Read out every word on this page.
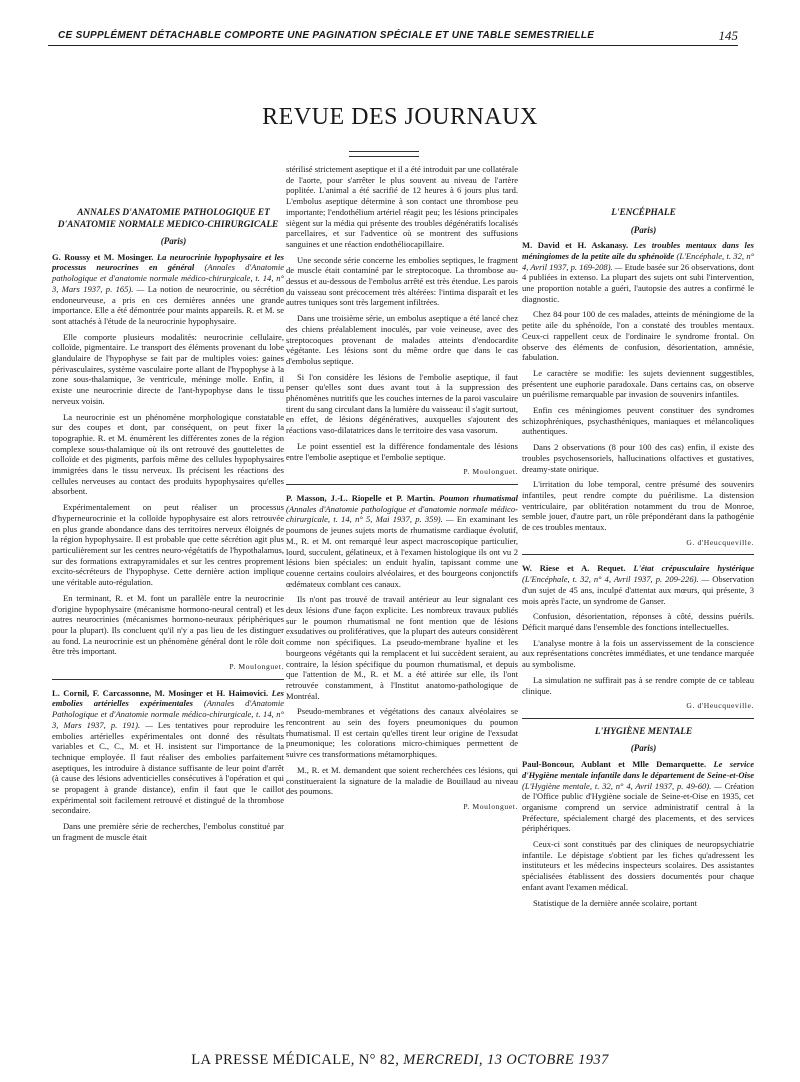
CE SUPPLÉMENT DÉTACHABLE COMPORTE UNE PAGINATION SPÉCIALE ET UNE TABLE SEMESTRIELLE	145
REVUE DES JOURNAUX

ANNALES D'ANATOMIE PATHOLOGIQUE ET D'ANATOMIE NORMALE MEDICO-CHIRURGICALE

(Paris)

G. Roussy et M. Mosinger. La neurocrinie hypophysaire et les processus neurocrines en général (Annales d'Anatomie pathologique et d'anatomie normale médico-chirurgicale, t. 14, n° 3, Mars 1937, p. 165). — La notion de neurocrinie, ou sécrétion endoneurveuse, a pris en ces dernières années une grande importance. Elle a été démontrée pour maints appareils. R. et M. se sont attachés à l'étude de la neurocrinie hypophysaire.

Elle comporte plusieurs modalités: neurocrinie cellulaire, colloïde, pigmentaire. Le transport des éléments provenant du lobe glandulaire de l'hypophyse se fait par de multiples voies: gaines périvasculaires, système vasculaire porte allant de l'hypophyse à la zone sous-thalamique, 3e ventricule, méninge molle. Enfin, il existe une neurocrinie directe de l'ant-hypophyse dans le tissu nerveux voisin.

La neurocrinie est un phénomène morphologique constatable sur des coupes et dont, par conséquent, on peut fixer la topographie. R. et M. énumèrent les différentes zones de la région complexe sous-thalamique où ils ont retrouvé des gouttelettes de colloïde et des pigments, parfois même des cellules hypophysaires immigrées dans le tissu nerveux. Ils précisent les réactions des cellules nerveuses au contact des produits hypophysaires qu'elles absorbent.

Expérimentalement on peut réaliser un processus d'hyperneurocrinie et la colloïde hypophysaire est alors retrouvée en plus grande abondance dans des territoires nerveux éloignés de la région hypophysaire. Il est probable que cette sécrétion agit plus particulièrement sur les centres neuro-végétatifs de l'hypothalamus, sur des formations extrapyramidales et sur les centres proprement excito-sécréteurs de l'hypophyse. Cette dernière action implique une véritable auto-régulation.

En terminant, R. et M. font un parallèle entre la neurocrinie d'origine hypophysaire (mécanisme hormono-neural central) et les autres neurocrinies (mécanismes hormono-neuraux périphériques pour la plupart). Ils concluent qu'il n'y a pas lieu de les distinguer au fond. La neurocrinie est un phénomène général dont le rôle doit être très important.

P. Moulonguet.

L. Cornil, F. Carcassonne, M. Mosinger et H. Haimovici. Les embolies artérielles expérimentales (Annales d'Anatomie Pathologique et d'Anatomie normale médico-chirurgicale, t. 14, n° 3, Mars 1937, p. 191). — Les tentatives pour reproduire les embolies artérielles expérimentales ont donné des résultats variables et C., C., M. et H. insistent sur l'importance de la technique employée. Il faut réaliser des embolies parfaitement aseptiques, les introduire à distance suffisante de leur point d'arrêt (à cause des lésions adventicielles consécutives à l'opération et qui se propagent à grande distance), enfin il faut que le caillot expérimental soit facilement retrouvé et distingué de la thrombose secondaire.

Dans une première série de recherches, l'embolus constitué par un fragment de muscle était

stérilisé strictement aseptique et il a été introduit par une collatérale de l'aorte, pour s'arrêter le plus souvent au niveau de l'artère poplitée. L'animal a été sacrifié de 12 heures à 6 jours plus tard. L'embolus aseptique détermine à son contact une thrombose peu importante; l'endothélium artériel réagit peu; les lésions principales siègent sur la média qui présente des troubles dégénératifs localisés parcellaires, et sur l'adventice où se montrent des suffusions sanguines et une réaction endothéliocapillaire.

Une seconde série concerne les embolies septiques, le fragment de muscle était contaminé par le streptocoque. La thrombose au-dessus et au-dessous de l'embolus arrêté est très étendue. Les parois du vaisseau sont précocement très altérées: l'intima disparaît et les autres tuniques sont très largement infiltrées.

Dans une troisième série, un embolus aseptique a été lancé chez des chiens préalablement inoculés, par voie veineuse, avec des streptocoques provenant de malades atteints d'endocardite végétante. Les lésions sont du même ordre que dans le cas d'embolus septique.

Si l'on considère les lésions de l'embolie aseptique, il faut penser qu'elles sont dues avant tout à la suppression des phénomènes nutritifs que les couches internes de la paroi vasculaire tirent du sang circulant dans la lumière du vaisseau: il s'agit surtout, en effet, de lésions dégénératives, auxquelles s'ajoutent des réactions vaso-dilatatrices dans le territoire des vasa vasorum.

Le point essentiel est la différence fondamentale des lésions entre l'embolie aseptique et l'embolie septique.

P. Moulonguet.

P. Masson, J.-L. Riopelle et P. Martin. Poumon rhumatismal (Annales d'Anatomie pathologique et d'anatomie normale médico-chirurgicale, t. 14, n° 5, Mai 1937, p. 359). — En examinant les poumons de jeunes sujets morts de rhumatisme cardiaque évolutif, M., R. et M. ont remarqué leur aspect macroscopique particulier, lourd, succulent, gélatineux, et à l'examen histologique ils ont vu 2 lésions bien spéciales: un enduit hyalin, tapissant comme une couenne certains couloirs alvéolaires, et des bourgeons conjonctifs œdémateux comblant ces canaux.

Ils n'ont pas trouvé de travail antérieur au leur signalant ces deux lésions d'une façon explicite. Les nombreux travaux publiés sur le poumon rhumatismal ne font mention que de lésions exsudatives ou prolifératives, que la plupart des auteurs considèrent comme non spécifiques. La pseudo-membrane hyaline et les bourgeons végétants qui la remplacent et lui succèdent seraient, au contraire, la lésion spécifique du poumon rhumatismal, et depuis que l'attention de M., R. et M. a été attirée sur elle, ils l'ont retrouvée constamment, à l'Institut anatomo-pathologique de Montréal.

Pseudo-membranes et végétations des canaux alvéolaires se rencontrent au sein des foyers pneumoniques du poumon rhumatismal. Il est certain qu'elles tirent leur origine de l'exsudat pneumonique; les colorations micro-chimiques permettent de suivre ces transformations métamorphiques.

M., R. et M. demandent que soient recherchées ces lésions, qui constitueraient la signature de la maladie de Bouillaud au niveau des poumons.

P. Moulonguet.

L'ENCÉPHALE

(Paris)

M. David et H. Askanasy. Les troubles mentaux dans les méningiomes de la petite aile du sphénoïde (L'Encéphale, t. 32, n° 4, Avril 1937, p. 169-208). — Etude basée sur 26 observations, dont 4 publiées in extenso. La plupart des sujets ont subi l'intervention, une proportion notable a guéri, l'autopsie des autres a confirmé le diagnostic.

Chez 84 pour 100 de ces malades, atteints de méningiome de la petite aile du sphénoïde, l'on a constaté des troubles mentaux. Ceux-ci rappellent ceux de l'ordinaire le syndrome frontal. On observe des éléments de confusion, désorientation, amnésie, fabulation.

Le caractère se modifie: les sujets deviennent suggestibles, présentent une euphorie paradoxale. Dans certains cas, on observe un puérilisme remarquable par invasion de souvenirs infantiles.

Enfin ces méningiomes peuvent constituer des syndromes schizophréniques, psychasthéniques, maniaques et mélancoliques authentiques.

Dans 2 observations (8 pour 100 des cas) enfin, il existe des troubles psychosensoriels, hallucinations olfactives et gustatives, dreamy-state onirique.

L'irritation du lobe temporal, centre présumé des souvenirs infantiles, peut rendre compte du puérilisme. La distension ventriculaire, par oblitération notamment du trou de Monroe, semble jouer, d'autre part, un rôle prépondérant dans la pathogénie de ces troubles mentaux.

G. d'Heucqueville.

W. Riese et A. Requet. L'état crépusculaire hystérique (L'Encéphale, t. 32, n° 4, Avril 1937, p. 209-226). — Observation d'un sujet de 45 ans, inculpé d'attentat aux mœurs, qui présente, 3 mois après l'acte, un syndrome de Ganser.

Confusion, désorientation, réponses à côté, dessins puérils. Déficit marqué dans l'ensemble des fonctions intellectuelles.

L'analyse montre à la fois un asservissement de la conscience aux représentations concrètes immédiates, et une tendance marquée au symbolisme.

La simulation ne suffirait pas à se rendre compte de ce tableau clinique.

G. d'Heucqueville.

L'HYGIÈNE MENTALE

(Paris)

Paul-Boncour, Aublant et Mlle Demarquette. Le service d'Hygiène mentale infantile dans le département de Seine-et-Oise (L'Hygiène mentale, t. 32, n° 4, Avril 1937, p. 49-60). — Création de l'Office public d'Hygiène sociale de Seine-et-Oise en 1935, cet organisme comprend un service administratif central à la Préfecture, spécialement chargé des placements, et des services périphériques.

Ceux-ci sont constitués par des cliniques de neuropsychiatrie infantile. Le dépistage s'obtient par les fiches qu'adressent les instituteurs et les médecins inspecteurs scolaires. Des assistantes spécialisées établissent des dossiers documentés pour chaque enfant avant l'examen médical.

Statistique de la dernière année scolaire, portant

LA PRESSE MÉDICALE, N° 82, MERCREDI, 13 OCTOBRE 1937
